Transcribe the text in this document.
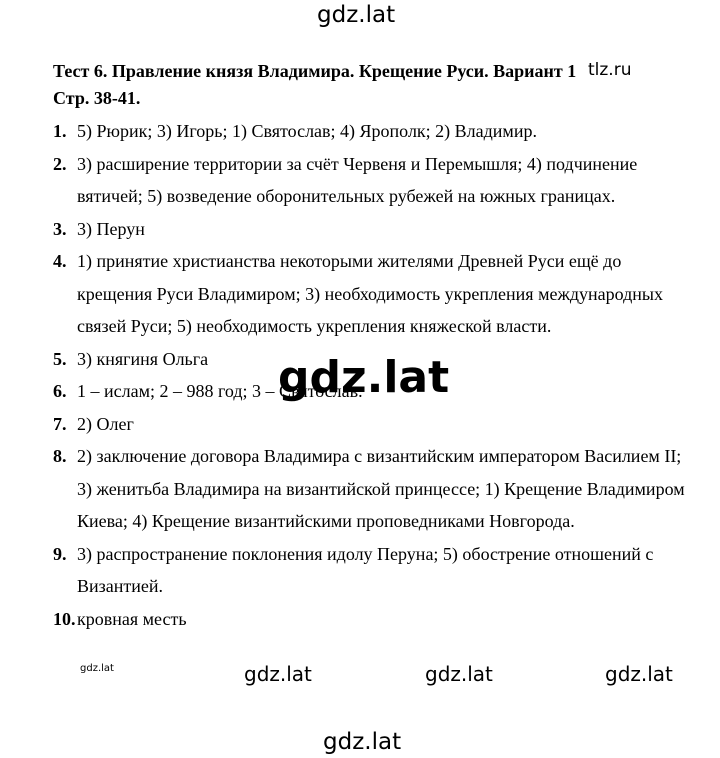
gdz.lat
Тест 6. Правление князя Владимира. Крещение Руси. Вариант 1
Стр. 38-41.
tlz.ru
1. 5) Рюрик; 3) Игорь; 1) Святослав; 4) Ярополк; 2) Владимир.
2. 3) расширение территории за счёт Червеня и Перемышля; 4) подчинение вятичей; 5) возведение оборонительных рубежей на южных границах.
3. 3) Перун
4. 1) принятие христианства некоторыми жителями Древней Руси ещё до крещения Руси Владимиром; 3) необходимость укрепления международных связей Руси; 5) необходимость укрепления княжеской власти.
5. 3) княгиня Ольга
6. 1 – ислам; 2 – 988 год; 3 – Святослав.
7. 2) Олег
8. 2) заключение договора Владимира с византийским императором Василием II; 3) женитьба Владимира на византийской принцессе; 1) Крещение Владимиром Киева; 4) Крещение византийскими проповедниками Новгорода.
9. 3) распространение поклонения идолу Перуна; 5) обострение отношений с Византией.
10. кровная месть
gdz.lat
gdz.lat	gdz.lat	gdz.lat	gdz.lat
gdz.lat
